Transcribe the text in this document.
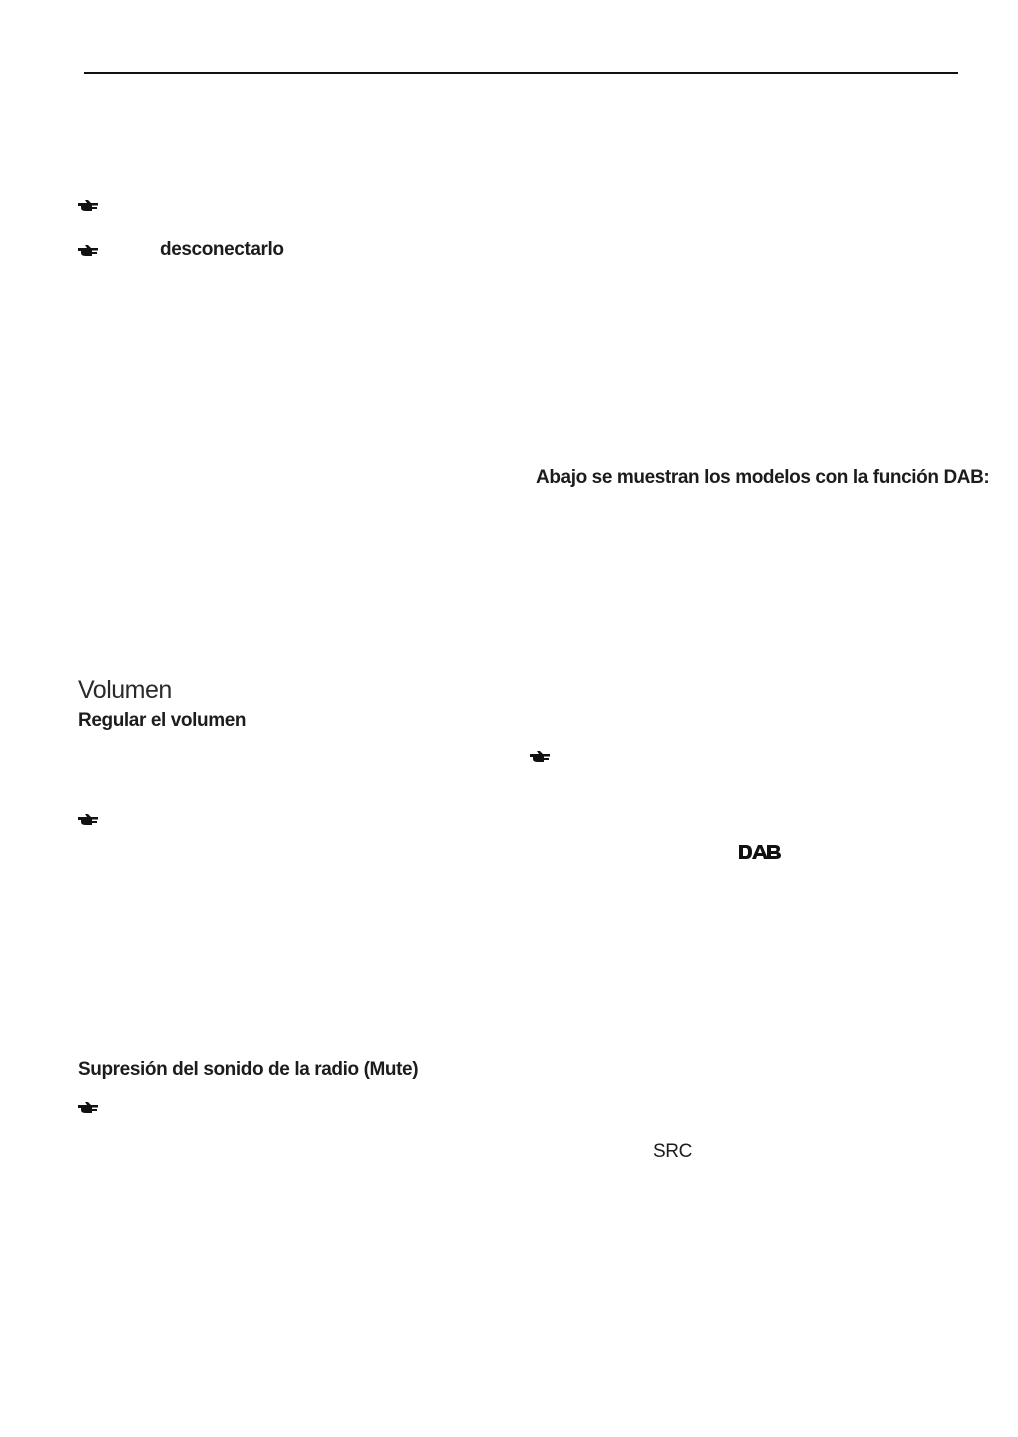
desconectarlo
Abajo se muestran los modelos con la función DAB:
Volumen
Regular el volumen
Supresión del sonido de la radio (Mute)
SRC
